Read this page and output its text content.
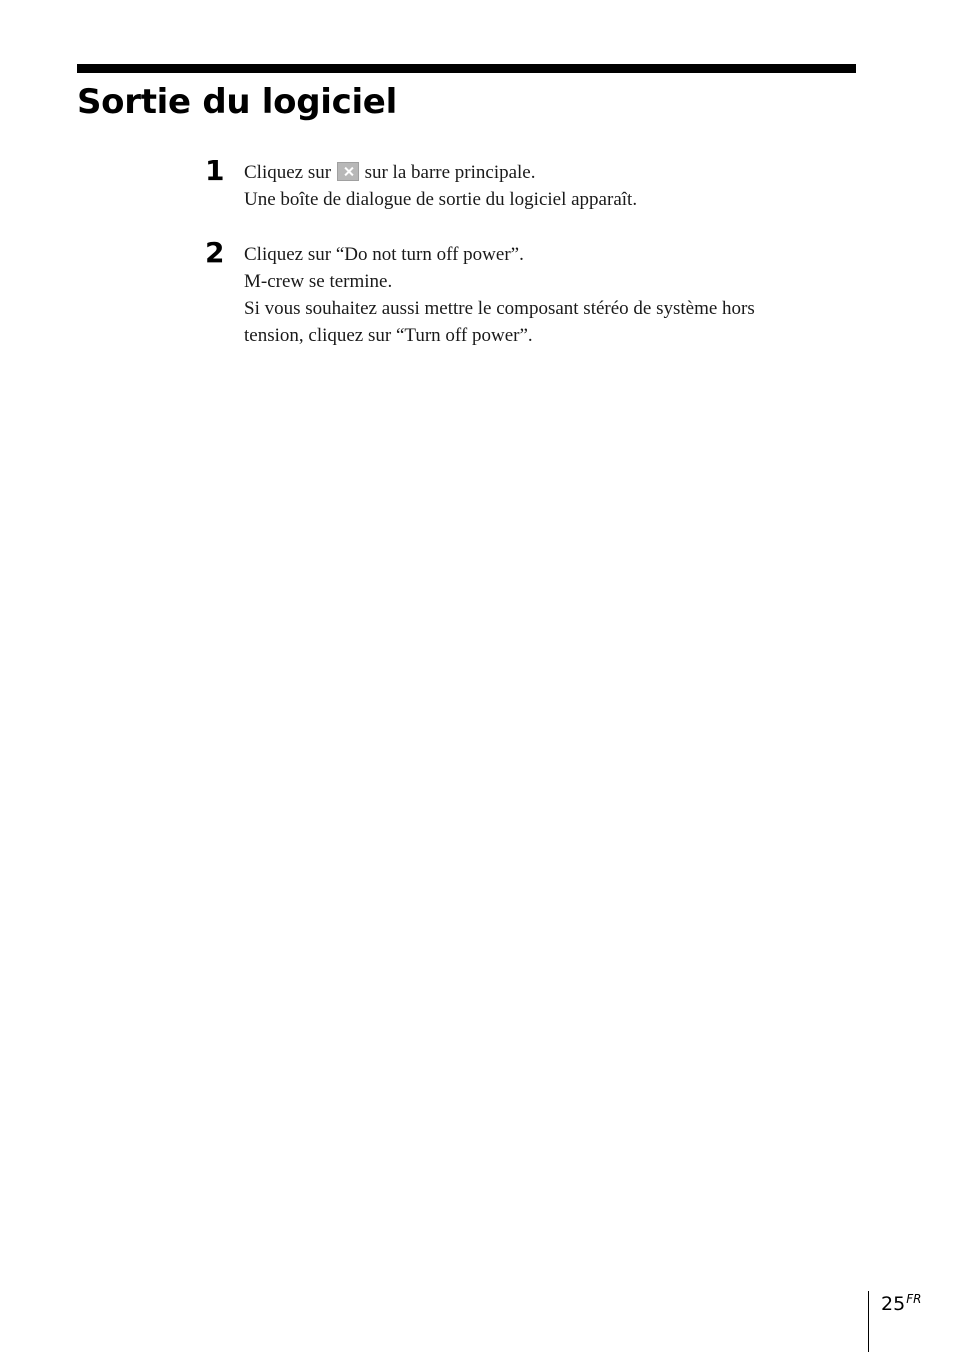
Sortie du logiciel
1 Cliquez sur sur la barre principale.

Une boîte de dialogue de sortie du logiciel apparaît.

2 Cliquez sur “Do not turn off power”.

M-crew se termine.

Si vous souhaitez aussi mettre le composant stéréo de système hors

tension, cliquez sur “Turn off power”.

$25^{FR}$
